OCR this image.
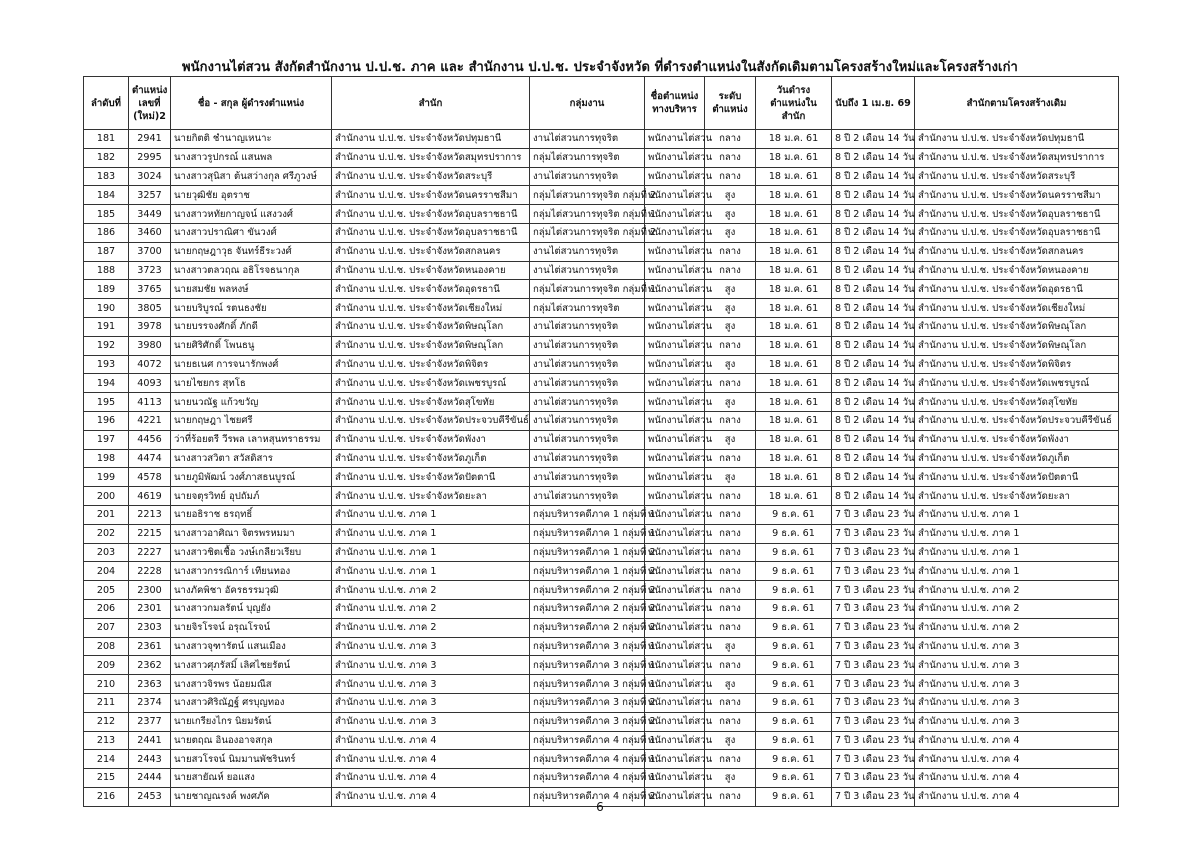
พนักงานไต่สวน สังกัดสำนักงาน ป.ป.ช. ภาค และ สำนักงาน ป.ป.ช. ประจำจังหวัด ที่ดำรงตำแหน่งในสังกัดเดิมตามโครงสร้างใหม่และโครงสร้างเก่า
ลำดับที่	ตำแหน่ง เลขที่ (ใหม่)2	ชื่อ - สกุล ผู้ดำรงตำแหน่ง	สำนัก	กลุ่มงาน	ชื่อตำแหน่ง ทางบริหาร	ระดับ ตำแหน่ง	วันดำรง ตำแหน่งใน สำนัก	นับถึง 1 เม.ย. 69	สำนักตามโครงสร้างเดิม
181	2941	นายกิตติ ชำนาญเหนาะ	สำนักงาน ป.ป.ช. ประจำจังหวัดปทุมธานี	งานไต่สวนการทุจริต	พนักงานไต่สวน	กลาง	18 ม.ค. 61	8 ปี 2 เดือน 14 วัน	สำนักงาน ป.ป.ช. ประจำจังหวัดปทุมธานี
182	2995	นางสาวรูปกรณ์ แสนพล	สำนักงาน ป.ป.ช. ประจำจังหวัดสมุทรปราการ	กลุ่มไต่สวนการทุจริต	พนักงานไต่สวน	กลาง	18 ม.ค. 61	8 ปี 2 เดือน 14 วัน	สำนักงาน ป.ป.ช. ประจำจังหวัดสมุทรปราการ
183	3024	นางสาวสุนิสา ต้นสว่างกุล ศรีภูวงษ์	สำนักงาน ป.ป.ช. ประจำจังหวัดสระบุรี	งานไต่สวนการทุจริต	พนักงานไต่สวน	กลาง	18 ม.ค. 61	8 ปี 2 เดือน 14 วัน	สำนักงาน ป.ป.ช. ประจำจังหวัดสระบุรี
184	3257	นายวุฒิชัย อุตราช	สำนักงาน ป.ป.ช. ประจำจังหวัดนครราชสีมา	กลุ่มไต่สวนการทุจริต กลุ่มที่ 2	พนักงานไต่สวน	สูง	18 ม.ค. 61	8 ปี 2 เดือน 14 วัน	สำนักงาน ป.ป.ช. ประจำจังหวัดนครราชสีมา
185	3449	นางสาวหทัยกาญจน์ แสงวงศ์	สำนักงาน ป.ป.ช. ประจำจังหวัดอุบลราชธานี	กลุ่มไต่สวนการทุจริต กลุ่มที่ 1	พนักงานไต่สวน	สูง	18 ม.ค. 61	8 ปี 2 เดือน 14 วัน	สำนักงาน ป.ป.ช. ประจำจังหวัดอุบลราชธานี
186	3460	นางสาวปราณิศา ขันวงศ์	สำนักงาน ป.ป.ช. ประจำจังหวัดอุบลราชธานี	กลุ่มไต่สวนการทุจริต กลุ่มที่ 2	พนักงานไต่สวน	สูง	18 ม.ค. 61	8 ปี 2 เดือน 14 วัน	สำนักงาน ป.ป.ช. ประจำจังหวัดอุบลราชธานี
187	3700	นายกฤษฎาวุธ จันทร์ธีระวงศ์	สำนักงาน ป.ป.ช. ประจำจังหวัดสกลนคร	งานไต่สวนการทุจริต	พนักงานไต่สวน	กลาง	18 ม.ค. 61	8 ปี 2 เดือน 14 วัน	สำนักงาน ป.ป.ช. ประจำจังหวัดสกลนคร
188	3723	นางสาวตลวฤณ อธิโรจธนากุล	สำนักงาน ป.ป.ช. ประจำจังหวัดหนองคาย	งานไต่สวนการทุจริต	พนักงานไต่สวน	กลาง	18 ม.ค. 61	8 ปี 2 เดือน 14 วัน	สำนักงาน ป.ป.ช. ประจำจังหวัดหนองคาย
189	3765	นายสมชัย พลหงษ์	สำนักงาน ป.ป.ช. ประจำจังหวัดอุดรธานี	กลุ่มไต่สวนการทุจริต กลุ่มที่ 1	พนักงานไต่สวน	สูง	18 ม.ค. 61	8 ปี 2 เดือน 14 วัน	สำนักงาน ป.ป.ช. ประจำจังหวัดอุดรธานี
190	3805	นายบริบูรณ์ รตนธงชัย	สำนักงาน ป.ป.ช. ประจำจังหวัดเชียงใหม่	กลุ่มไต่สวนการทุจริต	พนักงานไต่สวน	สูง	18 ม.ค. 61	8 ปี 2 เดือน 14 วัน	สำนักงาน ป.ป.ช. ประจำจังหวัดเชียงใหม่
191	3978	นายบรรจงศักดิ์ ภักดี	สำนักงาน ป.ป.ช. ประจำจังหวัดพิษณุโลก	งานไต่สวนการทุจริต	พนักงานไต่สวน	สูง	18 ม.ค. 61	8 ปี 2 เดือน 14 วัน	สำนักงาน ป.ป.ช. ประจำจังหวัดพิษณุโลก
192	3980	นายศิริศักดิ์ โพนธนู	สำนักงาน ป.ป.ช. ประจำจังหวัดพิษณุโลก	งานไต่สวนการทุจริต	พนักงานไต่สวน	กลาง	18 ม.ค. 61	8 ปี 2 เดือน 14 วัน	สำนักงาน ป.ป.ช. ประจำจังหวัดพิษณุโลก
193	4072	นายธเนศ การจนารักพงศ์	สำนักงาน ป.ป.ช. ประจำจังหวัดพิจิตร	งานไต่สวนการทุจริต	พนักงานไต่สวน	สูง	18 ม.ค. 61	8 ปี 2 เดือน 14 วัน	สำนักงาน ป.ป.ช. ประจำจังหวัดพิจิตร
194	4093	นายไชยกร สุทโธ	สำนักงาน ป.ป.ช. ประจำจังหวัดเพชรบูรณ์	งานไต่สวนการทุจริต	พนักงานไต่สวน	กลาง	18 ม.ค. 61	8 ปี 2 เดือน 14 วัน	สำนักงาน ป.ป.ช. ประจำจังหวัดเพชรบูรณ์
195	4113	นายนวณัฐ แก้วขวัญ	สำนักงาน ป.ป.ช. ประจำจังหวัดสุโขทัย	งานไต่สวนการทุจริต	พนักงานไต่สวน	สูง	18 ม.ค. 61	8 ปี 2 เดือน 14 วัน	สำนักงาน ป.ป.ช. ประจำจังหวัดสุโขทัย
196	4221	นายกฤษฎา ไชยศรี	สำนักงาน ป.ป.ช. ประจำจังหวัดประจวบคีรีขันธ์	งานไต่สวนการทุจริต	พนักงานไต่สวน	กลาง	18 ม.ค. 61	8 ปี 2 เดือน 14 วัน	สำนักงาน ป.ป.ช. ประจำจังหวัดประจวบคีรีขันธ์
197	4456	ว่าที่ร้อยตรี วีรพล เลาหสุนทราธรรม	สำนักงาน ป.ป.ช. ประจำจังหวัดพังงา	งานไต่สวนการทุจริต	พนักงานไต่สวน	สูง	18 ม.ค. 61	8 ปี 2 เดือน 14 วัน	สำนักงาน ป.ป.ช. ประจำจังหวัดพังงา
198	4474	นางสาวสวิตา สวัสดิสาร	สำนักงาน ป.ป.ช. ประจำจังหวัดภูเก็ต	งานไต่สวนการทุจริต	พนักงานไต่สวน	กลาง	18 ม.ค. 61	8 ปี 2 เดือน 14 วัน	สำนักงาน ป.ป.ช. ประจำจังหวัดภูเก็ต
199	4578	นายภูมิพัฒน์ วงศ์ภาสธนบูรณ์	สำนักงาน ป.ป.ช. ประจำจังหวัดปัตตานี	งานไต่สวนการทุจริต	พนักงานไต่สวน	สูง	18 ม.ค. 61	8 ปี 2 เดือน 14 วัน	สำนักงาน ป.ป.ช. ประจำจังหวัดปัตตานี
200	4619	นายจตุรวิทย์ อุปถัมภ์	สำนักงาน ป.ป.ช. ประจำจังหวัดยะลา	งานไต่สวนการทุจริต	พนักงานไต่สวน	กลาง	18 ม.ค. 61	8 ปี 2 เดือน 14 วัน	สำนักงาน ป.ป.ช. ประจำจังหวัดยะลา
201	2213	นายอธิราช ธรฤทธิ์	สำนักงาน ป.ป.ช. ภาค 1	กลุ่มบริหารคดีภาค 1 กลุ่มที่ 1	พนักงานไต่สวน	กลาง	9 ธ.ค. 61	7 ปี 3 เดือน 23 วัน	สำนักงาน ป.ป.ช. ภาค 1
202	2215	นางสาวอาศิณา จิตรพรหมมา	สำนักงาน ป.ป.ช. ภาค 1	กลุ่มบริหารคดีภาค 1 กลุ่มที่ 1	พนักงานไต่สวน	กลาง	9 ธ.ค. 61	7 ปี 3 เดือน 23 วัน	สำนักงาน ป.ป.ช. ภาค 1
203	2227	นางสาวชิตเชื้อ วงษ์เกลียวเรียบ	สำนักงาน ป.ป.ช. ภาค 1	กลุ่มบริหารคดีภาค 1 กลุ่มที่ 2	พนักงานไต่สวน	กลาง	9 ธ.ค. 61	7 ปี 3 เดือน 23 วัน	สำนักงาน ป.ป.ช. ภาค 1
204	2228	นางสาวกรรณิการ์ เทียนทอง	สำนักงาน ป.ป.ช. ภาค 1	กลุ่มบริหารคดีภาค 1 กลุ่มที่ 2	พนักงานไต่สวน	กลาง	9 ธ.ค. 61	7 ปี 3 เดือน 23 วัน	สำนักงาน ป.ป.ช. ภาค 1
205	2300	นางภัคพิชา อัครธรรมวุฒิ	สำนักงาน ป.ป.ช. ภาค 2	กลุ่มบริหารคดีภาค 2 กลุ่มที่ 2	พนักงานไต่สวน	กลาง	9 ธ.ค. 61	7 ปี 3 เดือน 23 วัน	สำนักงาน ป.ป.ช. ภาค 2
206	2301	นางสาวกมลรัตน์ บุญยัง	สำนักงาน ป.ป.ช. ภาค 2	กลุ่มบริหารคดีภาค 2 กลุ่มที่ 2	พนักงานไต่สวน	กลาง	9 ธ.ค. 61	7 ปี 3 เดือน 23 วัน	สำนักงาน ป.ป.ช. ภาค 2
207	2303	นายจิรโรจน์ อรุณโรจน์	สำนักงาน ป.ป.ช. ภาค 2	กลุ่มบริหารคดีภาค 2 กลุ่มที่ 2	พนักงานไต่สวน	กลาง	9 ธ.ค. 61	7 ปี 3 เดือน 23 วัน	สำนักงาน ป.ป.ช. ภาค 2
208	2361	นางสาวจุฑารัตน์ แสนเมือง	สำนักงาน ป.ป.ช. ภาค 3	กลุ่มบริหารคดีภาค 3 กลุ่มที่ 1	พนักงานไต่สวน	สูง	9 ธ.ค. 61	7 ปี 3 เดือน 23 วัน	สำนักงาน ป.ป.ช. ภาค 3
209	2362	นางสาวศุภรัสมิ์ เลิศไชยรัตน์	สำนักงาน ป.ป.ช. ภาค 3	กลุ่มบริหารคดีภาค 3 กลุ่มที่ 1	พนักงานไต่สวน	กลาง	9 ธ.ค. 61	7 ปี 3 เดือน 23 วัน	สำนักงาน ป.ป.ช. ภาค 3
210	2363	นางสาวจิรพร น้อยมณีส	สำนักงาน ป.ป.ช. ภาค 3	กลุ่มบริหารคดีภาค 3 กลุ่มที่ 1	พนักงานไต่สวน	สูง	9 ธ.ค. 61	7 ปี 3 เดือน 23 วัน	สำนักงาน ป.ป.ช. ภาค 3
211	2374	นางสาวศิริณัฏฐ์ ศรบุญทอง	สำนักงาน ป.ป.ช. ภาค 3	กลุ่มบริหารคดีภาค 3 กลุ่มที่ 2	พนักงานไต่สวน	กลาง	9 ธ.ค. 61	7 ปี 3 เดือน 23 วัน	สำนักงาน ป.ป.ช. ภาค 3
212	2377	นายเกรียงไกร นิยมรัตน์	สำนักงาน ป.ป.ช. ภาค 3	กลุ่มบริหารคดีภาค 3 กลุ่มที่ 2	พนักงานไต่สวน	กลาง	9 ธ.ค. 61	7 ปี 3 เดือน 23 วัน	สำนักงาน ป.ป.ช. ภาค 3
213	2441	นายตฤณ อินองอาจสกุล	สำนักงาน ป.ป.ช. ภาค 4	กลุ่มบริหารคดีภาค 4 กลุ่มที่ 1	พนักงานไต่สวน	สูง	9 ธ.ค. 61	7 ปี 3 เดือน 23 วัน	สำนักงาน ป.ป.ช. ภาค 4
214	2443	นายสวโรจน์ นิมมานพัชรินทร์	สำนักงาน ป.ป.ช. ภาค 4	กลุ่มบริหารคดีภาค 4 กลุ่มที่ 1	พนักงานไต่สวน	กลาง	9 ธ.ค. 61	7 ปี 3 เดือน 23 วัน	สำนักงาน ป.ป.ช. ภาค 4
215	2444	นายสายัณห์ ยอแสง	สำนักงาน ป.ป.ช. ภาค 4	กลุ่มบริหารคดีภาค 4 กลุ่มที่ 1	พนักงานไต่สวน	สูง	9 ธ.ค. 61	7 ปี 3 เดือน 23 วัน	สำนักงาน ป.ป.ช. ภาค 4
216	2453	นายชาญณรงค์ พงศภัค	สำนักงาน ป.ป.ช. ภาค 4	กลุ่มบริหารคดีภาค 4 กลุ่มที่ 2	พนักงานไต่สวน	กลาง	9 ธ.ค. 61	7 ปี 3 เดือน 23 วัน	สำนักงาน ป.ป.ช. ภาค 4
6
